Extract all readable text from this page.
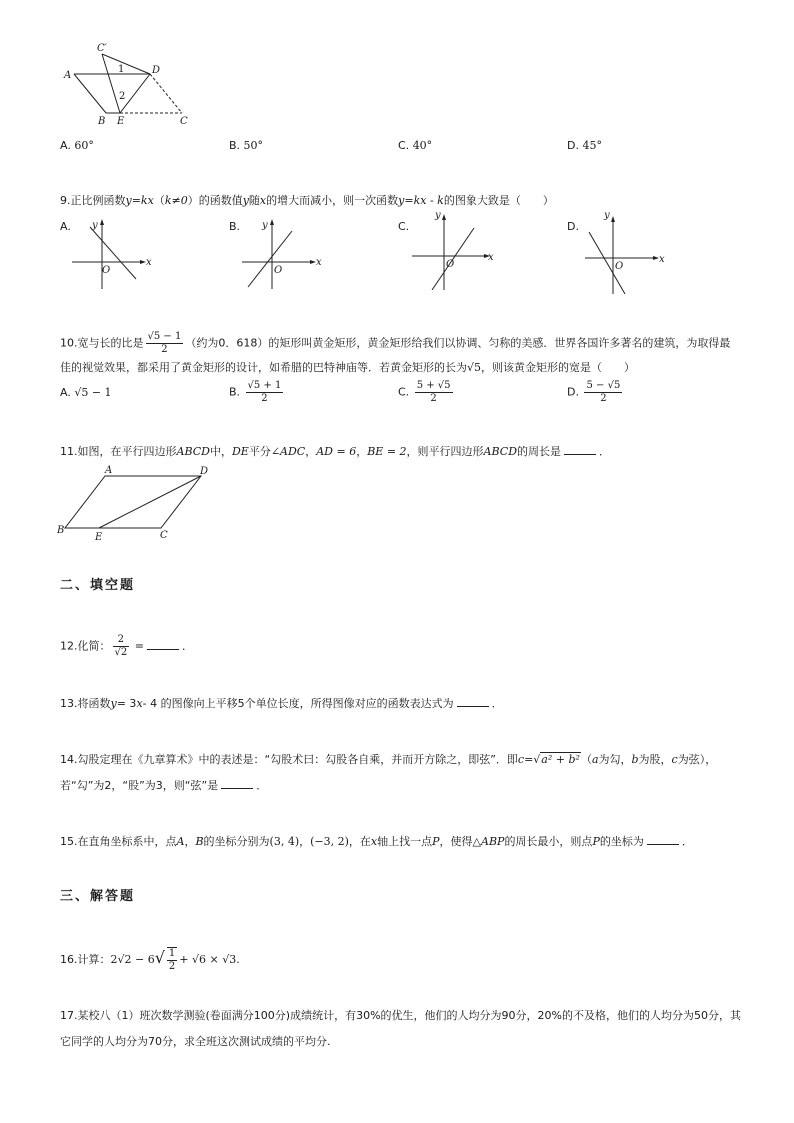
C′
A
1	D
2
B E	C
A. 60°	B. 50°	C. 40°	D. 45°
9.正比例函数y=kx（k≠0）的函数值y随x的增大而减小，则一次函数y=kx - k的图象大致是（　　）
A.	B.	C.	D.
x
y
O
x
y
O
x
y
O	x
y
O
10.宽与长的比是 $\frac{√5 - 1}{2}$ （约为0．618）的矩形叫黄金矩形，黄金矩形给我们以协调、匀称的美感．世界各国许多著名的建筑，为取得最
佳的视觉效果，都采用了黄金矩形的设计，如希腊的巴特神庙等．若黄金矩形的长为√5，则该黄金矩形的宽是（　　）
A. √5 − 1	B. $\frac{√5 + 1}{2}$	C. $\frac{5 + √5}{2}$	D. $\frac{5 - √5}{2}$
11.如图，在平行四边形ABCD中，DE平分∠ADC，AD = 6，BE = 2，则平行四边形ABCD的周长是	．
A	D
B
E	C
二、填空题
12.化简： $\frac{2}{√2}$ =	．
13.将函数y= 3x- 4 的图像向上平移5个单位长度，所得图像对应的函数表达式为	．
14.勾股定理在《九章算术》中的表述是：“勾股术曰：勾股各自乘，并而开方除之，即弦”．即c=√a² + b²（a为勾，b为股，c为弦），
若“勾”为2，“股”为3，则“弦”是	．
15.在直角坐标系中，点A，B的坐标分别为(3, 4)，(−3, 2)，在x轴上找一点P，使得△ABP的周长最小，则点P的坐标为	．
三、解答题
16.计算：$2√2 - 6√ \frac{1}{2} + √6 \times √3$.
17.某校八（1）班次数学测验(卷面满分100分)成绩统计，有30%的优生，他们的人均分为90分，20%的不及格，他们的人均分为50分，其
它同学的人均分为70分，求全班这次测试成绩的平均分.
